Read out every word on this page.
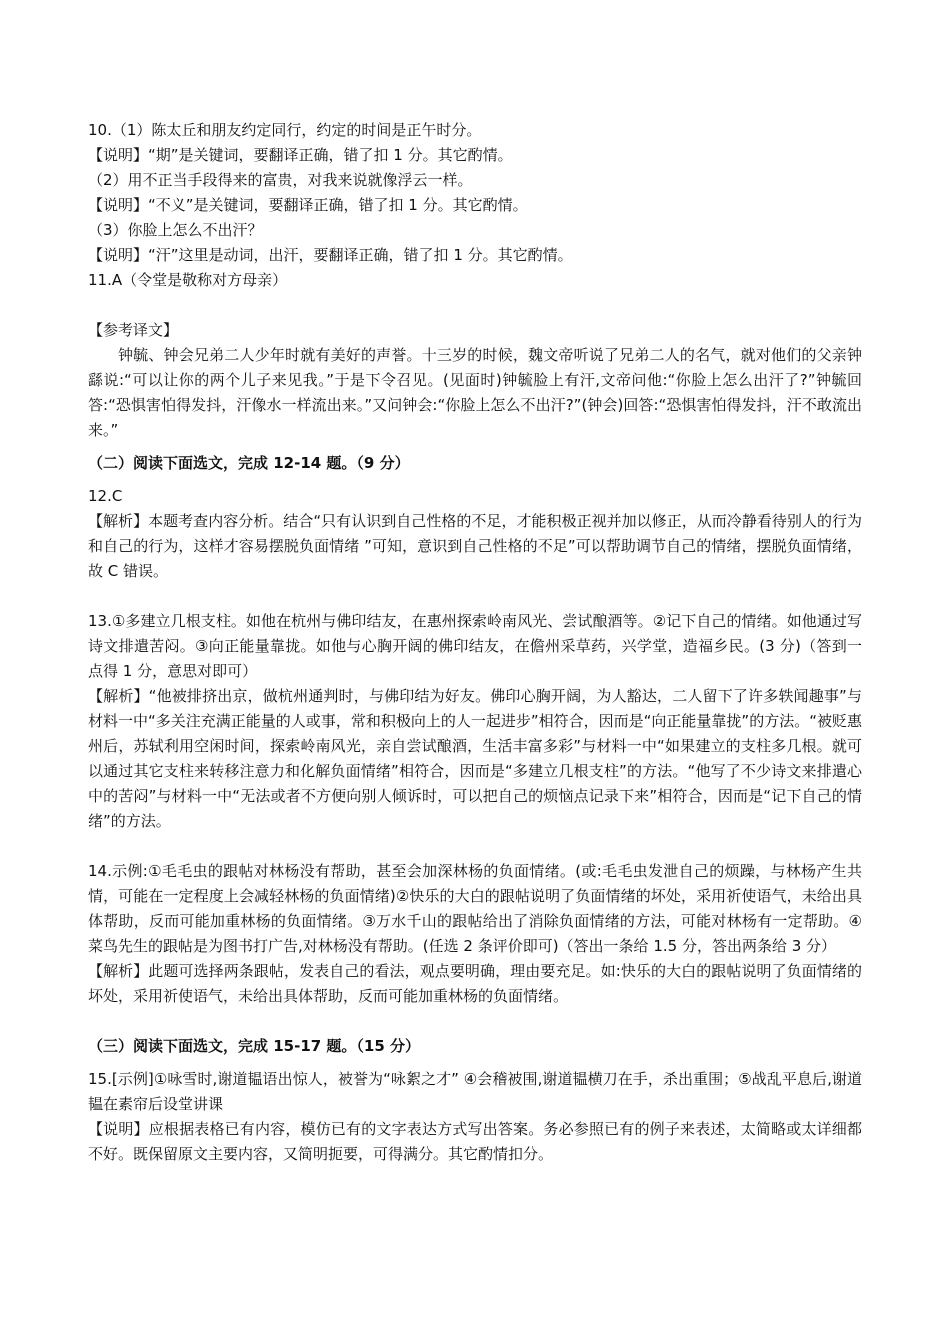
10.（1）陈太丘和朋友约定同行，约定的时间是正午时分。

【说明】“期”是关键词，要翻译正确，错了扣 1 分。其它酌情。

（2）用不正当手段得来的富贵，对我来说就像浮云一样。

【说明】“不义”是关键词，要翻译正确，错了扣 1 分。其它酌情。

（3）你脸上怎么不出汗？

【说明】“汗”这里是动词，出汗，要翻译正确，错了扣 1 分。其它酌情。

11.A（令堂是敬称对方母亲）

【参考译文】

钟毓、钟会兄弟二人少年时就有美好的声誉。十三岁的时候，魏文帝听说了兄弟二人的名气，就对他们的父亲钟繇说:“可以让你的两个儿子来见我。”于是下令召见。(见面时)钟毓脸上有汗,文帝问他:“你脸上怎么出汗了?”钟毓回答:“恐惧害怕得发抖，汗像水一样流出来。”又问钟会:“你脸上怎么不出汗?”(钟会)回答:“恐惧害怕得发抖，汗不敢流出来。”

（二）阅读下面选文，完成 12-14 题。（9 分）

12.C

【解析】本题考查内容分析。结合“只有认识到自己性格的不足，才能积极正视并加以修正，从而冷静看待别人的行为和自己的行为，这样才容易摆脱负面情绪 ”可知，意识到自己性格的不足”可以帮助调节自己的情绪，摆脱负面情绪，故 C 错误。

13.①多建立几根支柱。如他在杭州与佛印结友，在惠州探索岭南风光、尝试酿酒等。②记下自己的情绪。如他通过写诗文排遣苦闷。③向正能量靠拢。如他与心胸开阔的佛印结友，在儋州采草药，兴学堂，造福乡民。(3 分)（答到一点得 1 分，意思对即可）

【解析】“他被排挤出京，做杭州通判时，与佛印结为好友。佛印心胸开阔，为人豁达，二人留下了许多轶闻趣事”与材料一中“多关注充满正能量的人或事，常和积极向上的人一起进步”相符合，因而是“向正能量靠拢”的方法。“被贬惠州后，苏轼利用空闲时间，探索岭南风光，亲自尝试酿酒，生活丰富多彩”与材料一中“如果建立的支柱多几根。就可以通过其它支柱来转移注意力和化解负面情绪”相符合，因而是“多建立几根支柱”的方法。“他写了不少诗文来排遣心中的苦闷”与材料一中“无法或者不方便向别人倾诉时，可以把自己的烦恼点记录下来”相符合，因而是“记下自己的情绪”的方法。

14.示例:①毛毛虫的跟帖对林杨没有帮助，甚至会加深林杨的负面情绪。(或:毛毛虫发泄自己的烦躁，与林杨产生共情，可能在一定程度上会减轻林杨的负面情绪)②快乐的大白的跟帖说明了负面情绪的坏处，采用祈使语气，未给出具体帮助，反而可能加重林杨的负面情绪。③万水千山的跟帖给出了消除负面情绪的方法，可能对林杨有一定帮助。④菜鸟先生的跟帖是为图书打广告,对林杨没有帮助。(任选 2 条评价即可)（答出一条给 1.5 分，答出两条给 3 分）

【解析】此题可选择两条跟帖，发表自己的看法，观点要明确，理由要充足。如:快乐的大白的跟帖说明了负面情绪的坏处，采用祈使语气，未给出具体帮助，反而可能加重林杨的负面情绪。

（三）阅读下面选文，完成 15-17 题。（15 分）

15.[示例]①咏雪时,谢道韫语出惊人，被誉为“咏絮之才” ④会稽被围,谢道韫横刀在手，杀出重围；⑤战乱平息后,谢道韫在素帘后设堂讲课

【说明】应根据表格已有内容，模仿已有的文字表达方式写出答案。务必参照已有的例子来表述，太简略或太详细都不好。既保留原文主要内容，又简明扼要，可得满分。其它酌情扣分。
